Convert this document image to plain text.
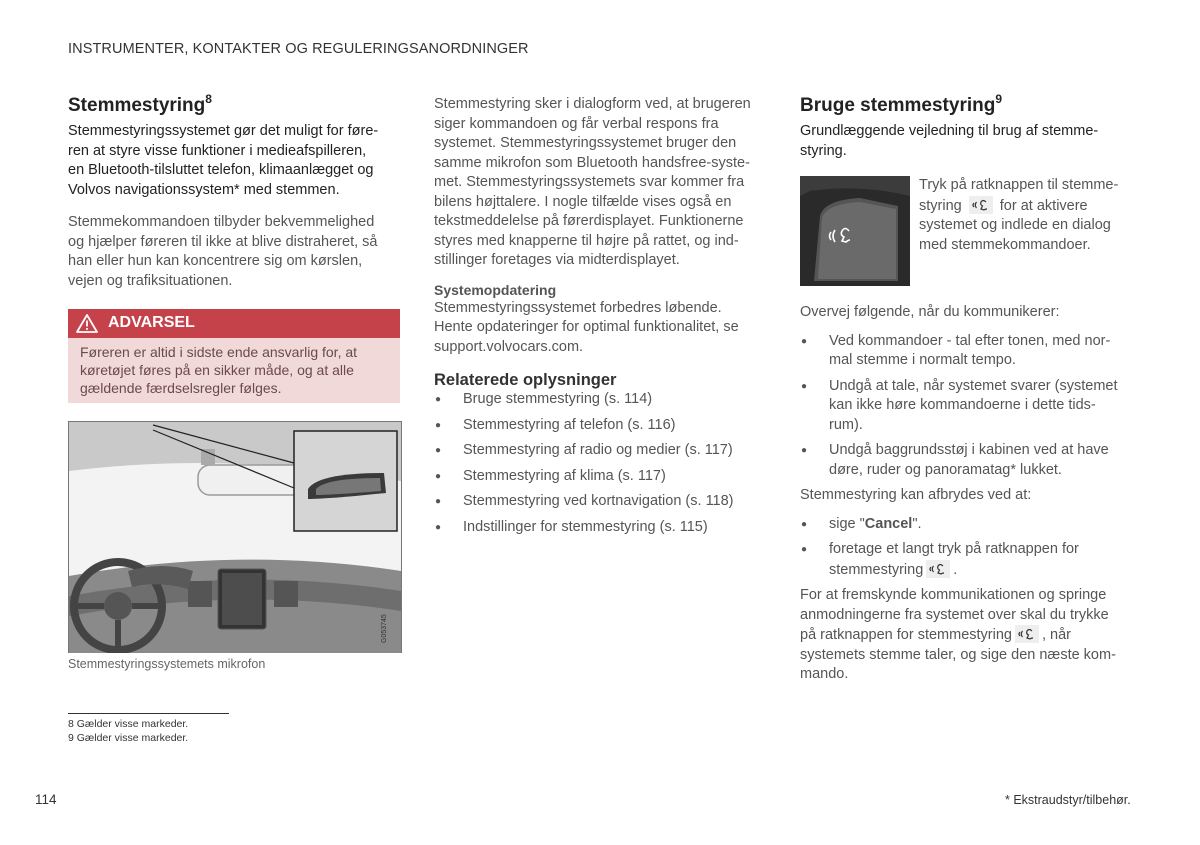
INSTRUMENTER, KONTAKTER OG REGULERINGSANORDNINGER
Stemmestyring$^8$

Stemmestyringssystemet gør det muligt for føre-
ren at styre visse funktioner i medieafspilleren,
en Bluetooth-tilsluttet telefon, klimaanlægget og
Volvos navigationssystem* med stemmen.

Stemmekommandoen tilbyder bekvemmelighed
og hjælper føreren til ikke at blive distraheret, så
han eller hun kan koncentrere sig om kørslen,
vejen og trafiksituationen.

ADVARSEL

Føreren er altid i sidste ende ansvarlig for, at
køretøjet føres på en sikker måde, og at alle
gældende færdselsregler følges.

G053745
Stemmestyringssystemets mikrofon

Stemmestyring sker i dialogform ved, at brugeren
siger kommandoen og får verbal respons fra
systemet. Stemmestyringssystemet bruger den
samme mikrofon som Bluetooth handsfree-syste-
met. Stemmestyringssystemets svar kommer fra
bilens højttalere. I nogle tilfælde vises også en
tekstmeddelelse på førerdisplayet. Funktionerne
styres med knapperne til højre på rattet, og ind-
stillinger foretages via midterdisplayet.

Systemopdatering

Stemmestyringssystemet forbedres løbende.
Hente opdateringer for optimal funktionalitet, se
support.volvocars.com.

Relaterede oplysninger

● Bruge stemmestyring (s. 114)
● Stemmestyring af telefon (s. 116)
● Stemmestyring af radio og medier (s. 117)
● Stemmestyring af klima (s. 117)
● Stemmestyring ved kortnavigation (s. 118)
● Indstillinger for stemmestyring (s. 115)
Bruge stemmestyring$^9$

Grundlæggende vejledning til brug af stemme-
styring.

Tryk på ratknappen til stemme-
styring	for at aktivere
systemet og indlede en dialog
med stemmekommandoer.

Overvej følgende, når du kommunikerer:

● Ved kommandoer - tal efter tonen, med nor-
mal stemme i normalt tempo.
● Undgå at tale, når systemet svarer (systemet
kan ikke høre kommandoerne i dette tids-
rum).
● Undgå baggrundsstøj i kabinen ved at have
døre, ruder og panoramatag* lukket.

Stemmestyring kan afbrydes ved at:

● sige "Cancel".
● foretage et langt tryk på ratknappen for
stemmestyring .

For at fremskynde kommunikationen og springe
anmodningerne fra systemet over skal du trykke
på ratknappen for stemmestyring , når
systemets stemme taler, og sige den næste kom-
mando.

8 Gælder visse markeder.
9 Gælder visse markeder.
114	* Ekstraudstyr/tilbehør.
